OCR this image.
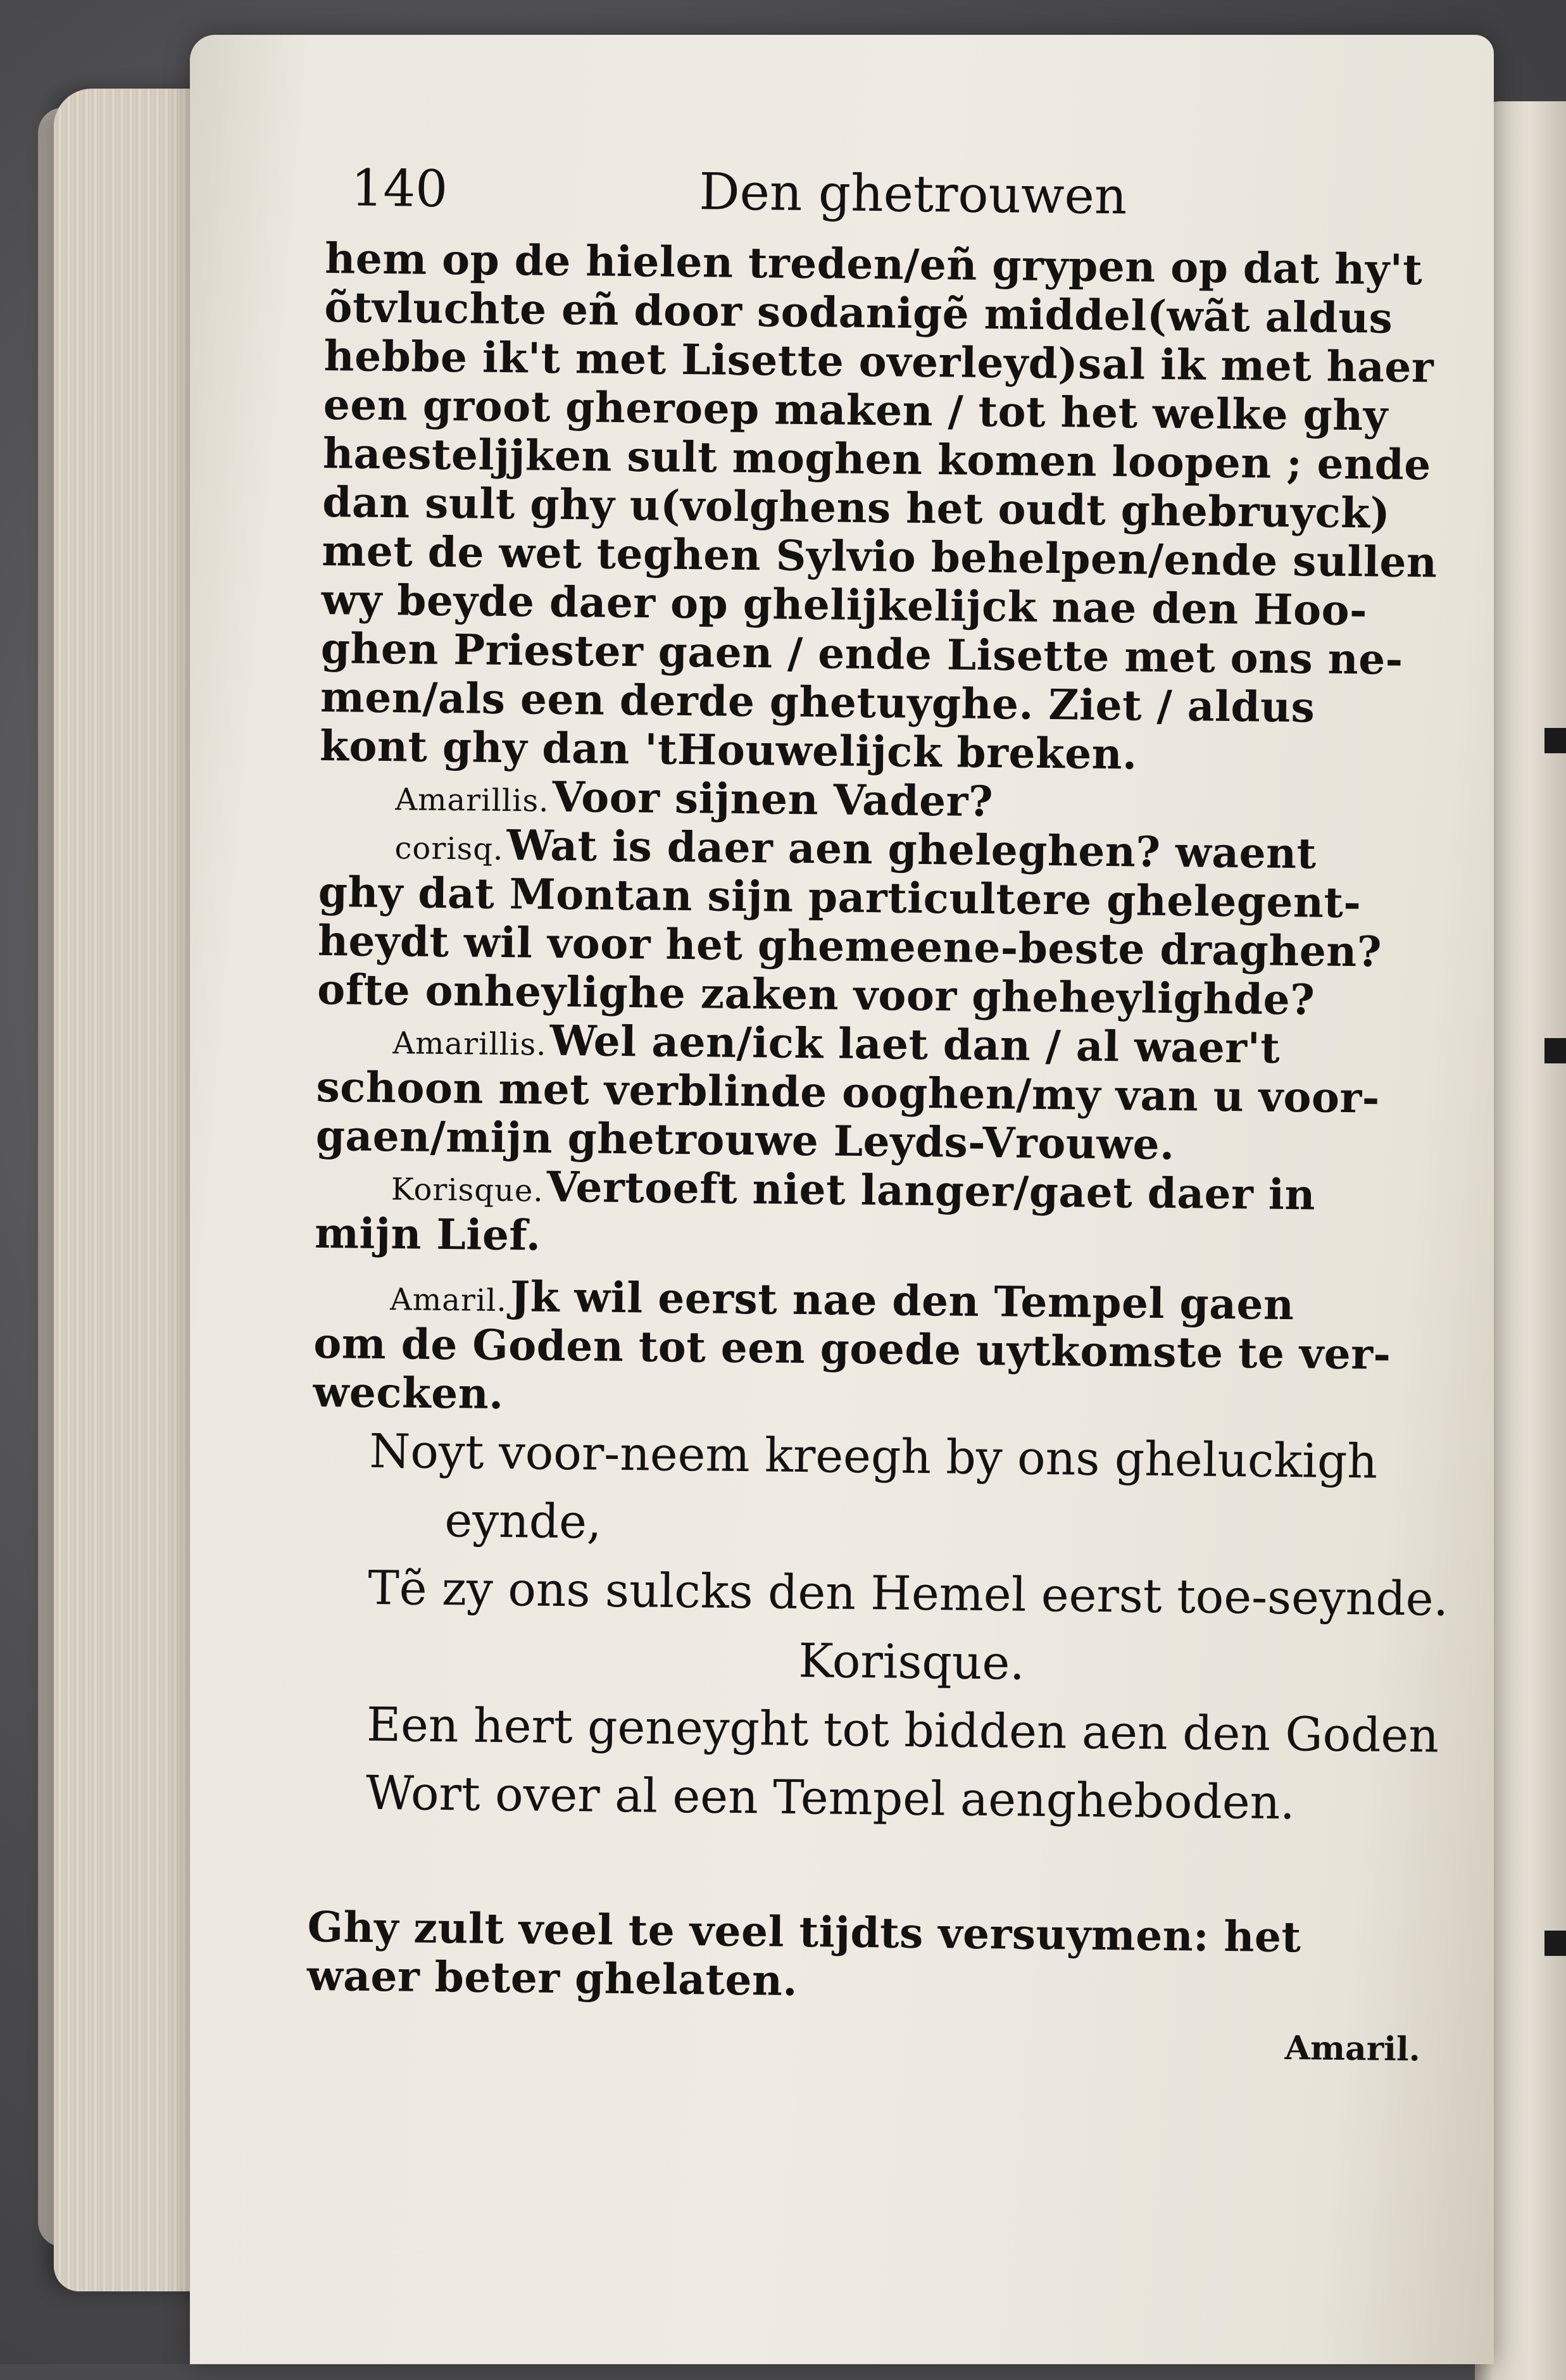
140	Den ghetrouwen
hem op de hielen treden/eñ grypen op dat hy't
õtvluchte eñ door sodanigẽ middel(wãt aldus
hebbe ik't met Lisette overleyd)sal ik met haer
een groot gheroep maken / tot het welke ghy
haesteljjken sult moghen komen loopen ; ende
dan sult ghy u(volghens het oudt ghebruyck)
met de wet teghen Sylvio behelpen/ende sullen
wy beyde daer op ghelijkelijck nae den Hoo-
ghen Priester gaen / ende Lisette met ons ne-
men/als een derde ghetuyghe. Ziet / aldus
kont ghy dan 'tHouwelijck breken.
Amarillis. Voor sijnen Vader?
corisq. Wat is daer aen gheleghen? waent
ghy dat Montan sijn particultere ghelegent-
heydt wil voor het ghemeene-beste draghen?
ofte onheylighe zaken voor gheheylighde?
Amarillis. Wel aen/ick laet dan / al waer't
schoon met verblinde ooghen/my van u voor-
gaen/mijn ghetrouwe Leyds-Vrouwe.
Korisque. Vertoeft niet langer/gaet daer in
mijn Lief.
Amaril. Jk wil eerst nae den Tempel gaen
om de Goden tot een goede uytkomste te ver-
wecken.
Noyt voor-neem kreegh by ons gheluckigh
eynde,
Tẽ zy ons sulcks den Hemel eerst toe-seynde.
Korisque.
Een hert geneyght tot bidden aen den Goden
Wort over al een Tempel aengheboden.
Ghy zult veel te veel tijdts versuymen: het
waer beter ghelaten.
Amaril.
